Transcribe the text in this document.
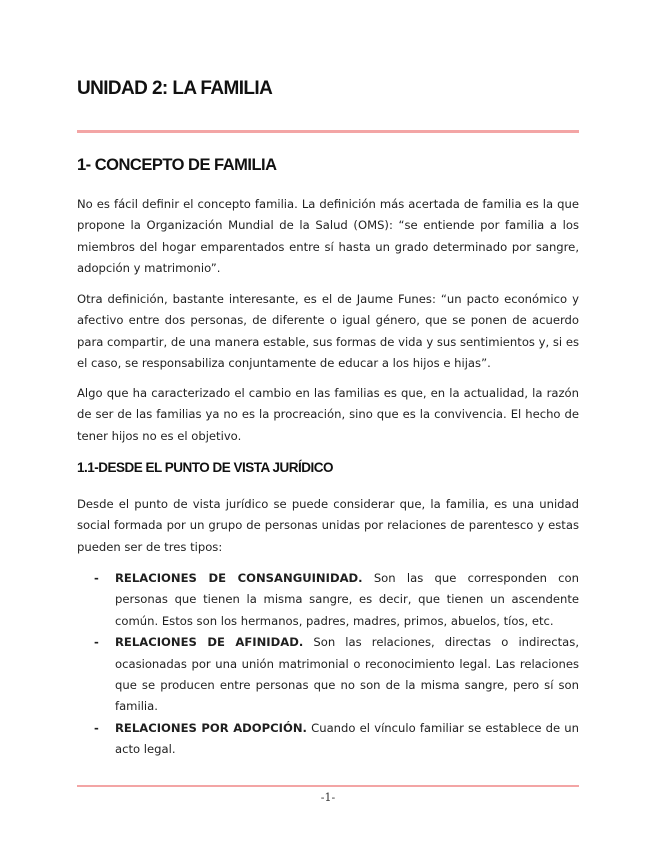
UNIDAD 2: LA FAMILIA
1- CONCEPTO DE FAMILIA

No es fácil definir el concepto familia. La definición más acertada de familia es la que propone la Organización Mundial de la Salud (OMS): “se entiende por familia a los miembros del hogar emparentados entre sí hasta un grado determinado por sangre, adopción y matrimonio”.

Otra definición, bastante interesante, es el de Jaume Funes: “un pacto económico y afectivo entre dos personas, de diferente o igual género, que se ponen de acuerdo para compartir, de una manera estable, sus formas de vida y sus sentimientos y, si es el caso, se responsabiliza conjuntamente de educar a los hijos e hijas”.

Algo que ha caracterizado el cambio en las familias es que, en la actualidad, la razón de ser de las familias ya no es la procreación, sino que es la convivencia. El hecho de tener hijos no es el objetivo.

1.1-DESDE EL PUNTO DE VISTA JURÍDICO

Desde el punto de vista jurídico se puede considerar que, la familia, es una unidad social formada por un grupo de personas unidas por relaciones de parentesco y estas pueden ser de tres tipos:

- RELACIONES DE CONSANGUINIDAD. Son las que corresponden con personas que tienen la misma sangre, es decir, que tienen un ascendente común. Estos son los hermanos, padres, madres, primos, abuelos, tíos, etc.
- RELACIONES DE AFINIDAD. Son las relaciones, directas o indirectas, ocasionadas por una unión matrimonial o reconocimiento legal. Las relaciones que se producen entre personas que no son de la misma sangre, pero sí son familia.
- RELACIONES POR ADOPCIÓN. Cuando el vínculo familiar se establece de un acto legal.
-1-
